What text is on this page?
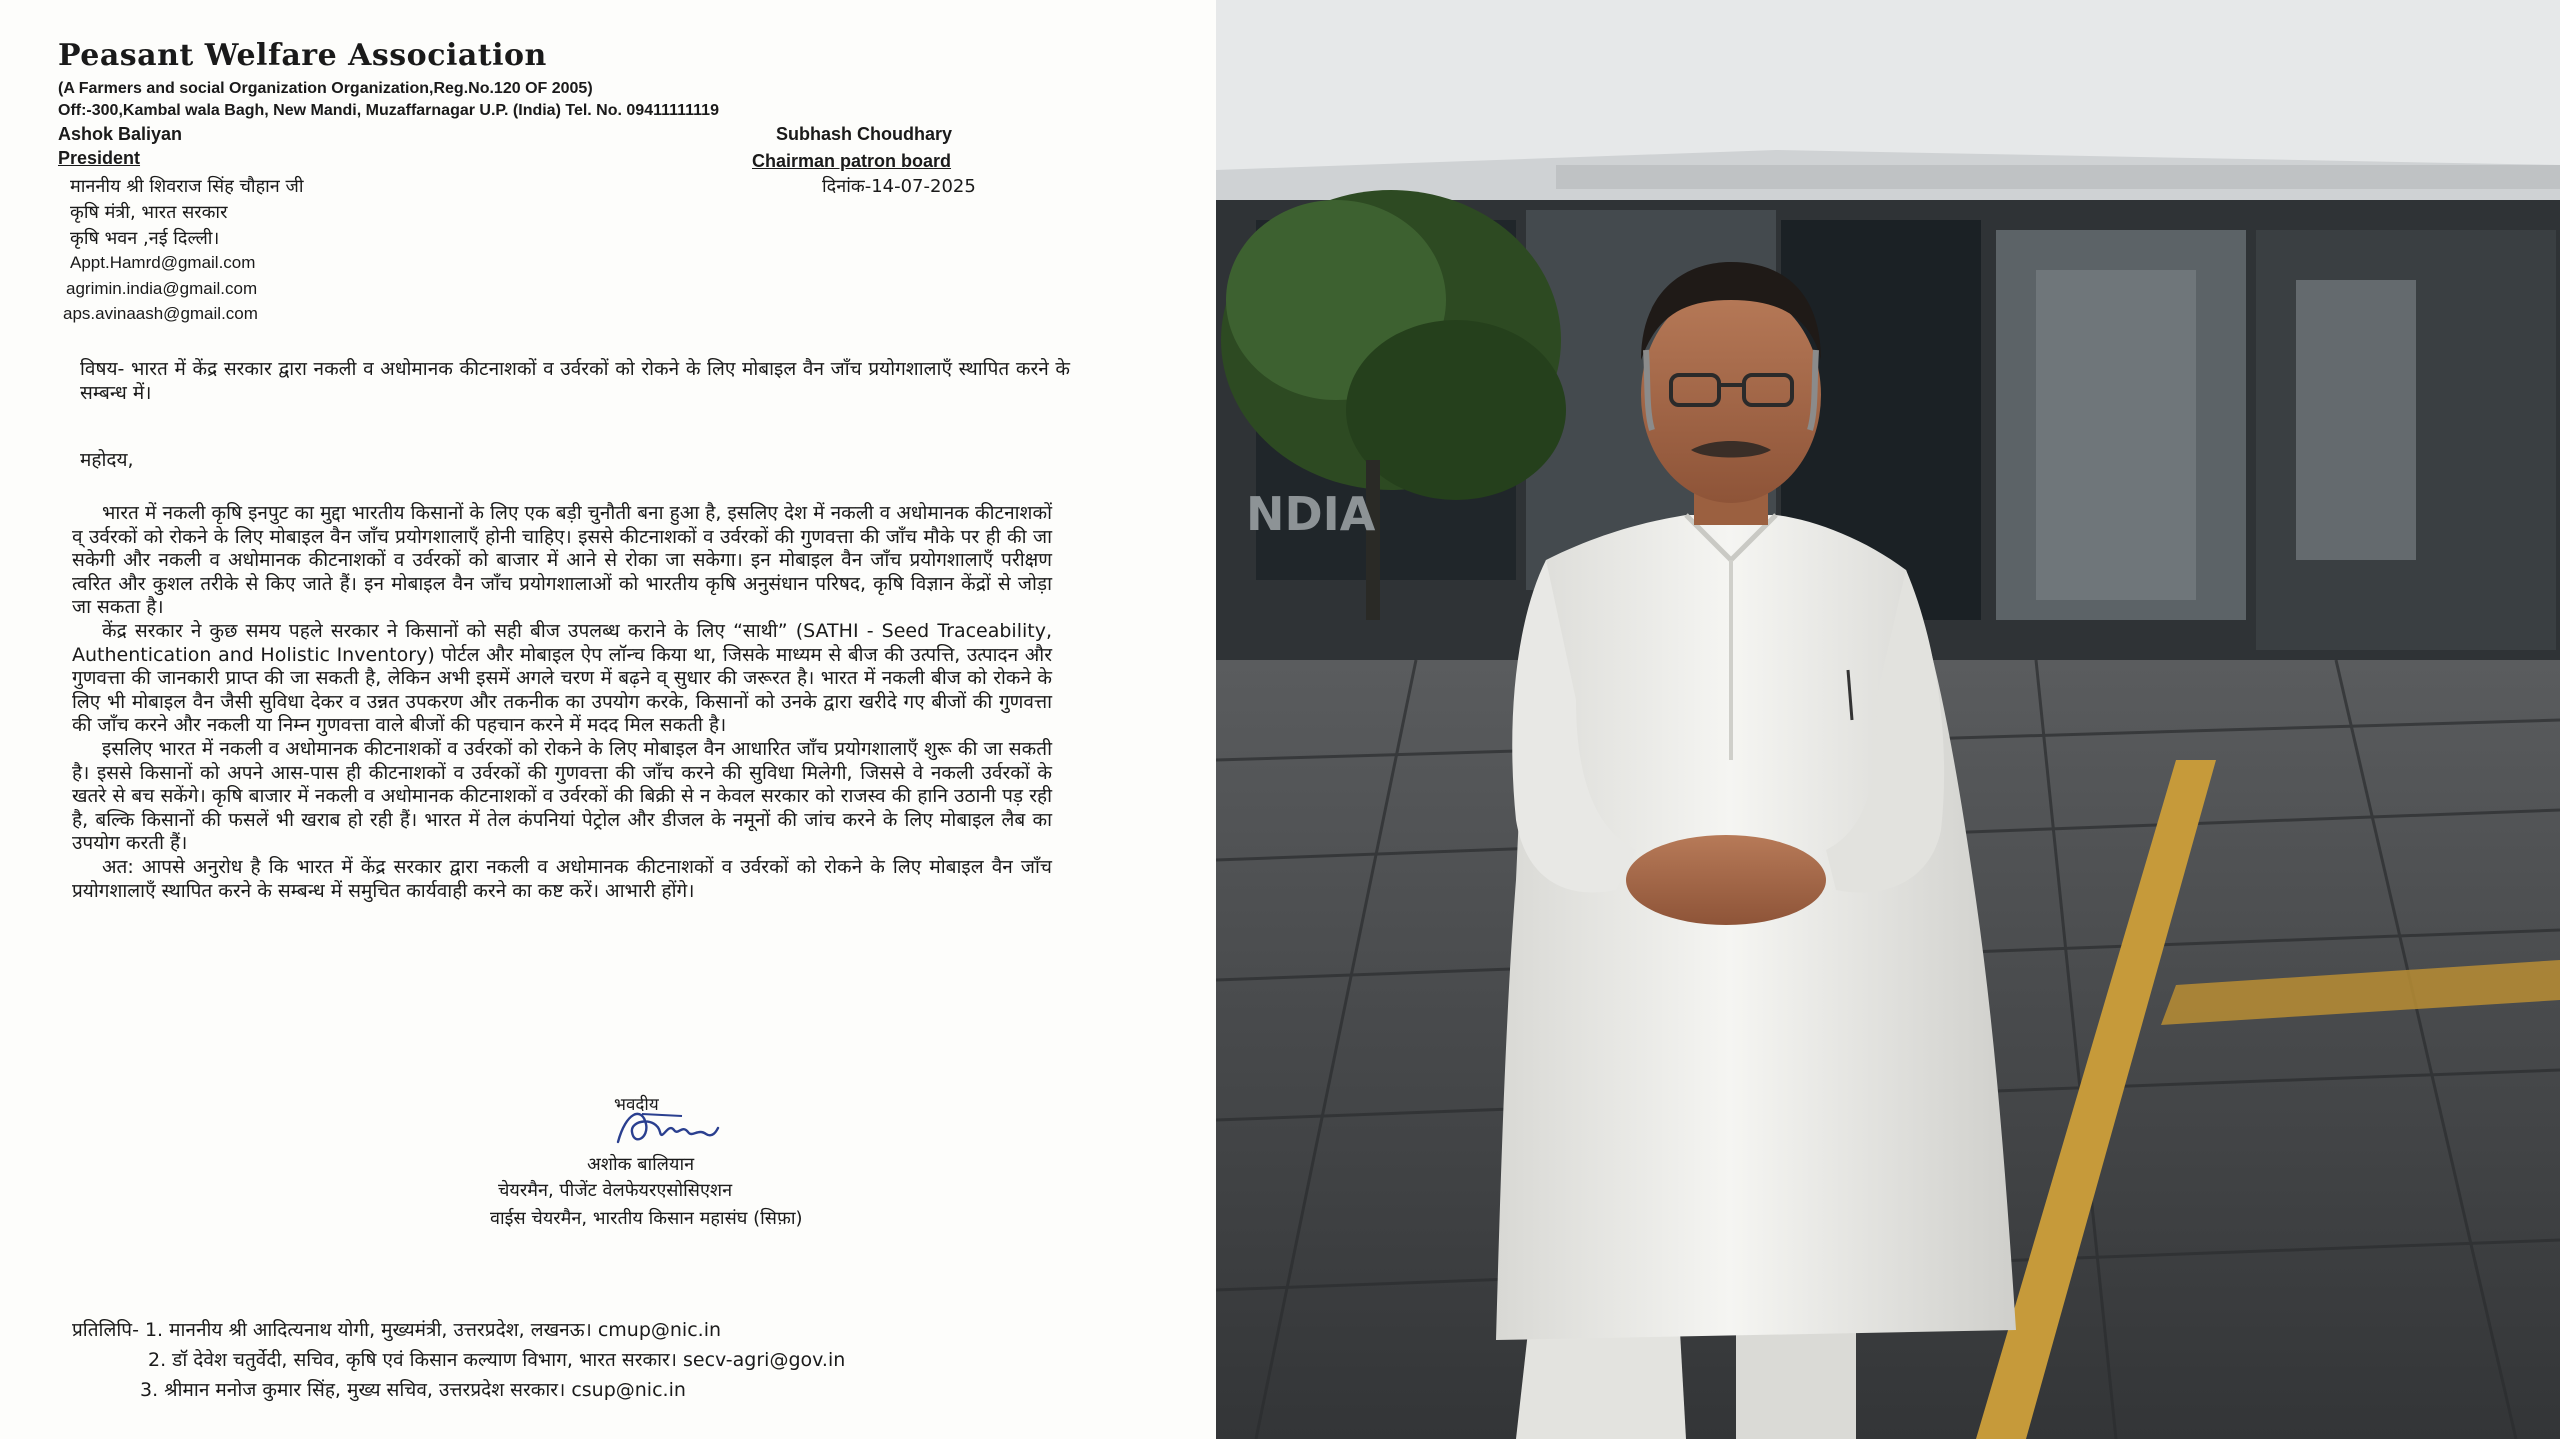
Peasant Welfare Association
(A Farmers and social Organization Organization,Reg.No.120 OF 2005)
Off:-300,Kambal wala Bagh, New Mandi, Muzaffarnagar U.P. (India) Tel. No. 09411111119
Ashok Baliyan
President
Subhash Choudhary
Chairman patron board
माननीय श्री शिवराज सिंह चौहान जी	दिनांक-14-07-2025
कृषि मंत्री, भारत सरकार
कृषि भवन ,नई दिल्ली।
Appt.Hamrd@gmail.com
agrimin.india@gmail.com
aps.avinaash@gmail.com

विषय- भारत में केंद्र सरकार द्वारा नकली व अधोमानक कीटनाशकों व उर्वरकों को रोकने के लिए मोबाइल वैन जाँच प्रयोगशालाएँ स्थापित करने के सम्बन्ध में।

महोदय,

भारत में नकली कृषि इनपुट का मुद्दा भारतीय किसानों के लिए एक बड़ी चुनौती बना हुआ है, इसलिए देश में नकली व अधोमानक कीटनाशकों व् उर्वरकों को रोकने के लिए मोबाइल वैन जाँच प्रयोगशालाएँ होनी चाहिए। इससे कीटनाशकों व उर्वरकों की गुणवत्ता की जाँच मौके पर ही की जा सकेगी और नकली व अधोमानक कीटनाशकों व उर्वरकों को बाजार में आने से रोका जा सकेगा। इन मोबाइल वैन जाँच प्रयोगशालाएँ परीक्षण त्वरित और कुशल तरीके से किए जाते हैं। इन मोबाइल वैन जाँच प्रयोगशालाओं को भारतीय कृषि अनुसंधान परिषद, कृषि विज्ञान केंद्रों से जोड़ा जा सकता है।

केंद्र सरकार ने कुछ समय पहले सरकार ने किसानों को सही बीज उपलब्ध कराने के लिए “साथी” (SATHI - Seed Traceability, Authentication and Holistic Inventory) पोर्टल और मोबाइल ऐप लॉन्च किया था, जिसके माध्यम से बीज की उत्पत्ति, उत्पादन और गुणवत्ता की जानकारी प्राप्त की जा सकती है, लेकिन अभी इसमें अगले चरण में बढ़ने व् सुधार की जरूरत है। भारत में नकली बीज को रोकने के लिए भी मोबाइल वैन जैसी सुविधा देकर व उन्नत उपकरण और तकनीक का उपयोग करके, किसानों को उनके द्वारा खरीदे गए बीजों की गुणवत्ता की जाँच करने और नकली या निम्न गुणवत्ता वाले बीजों की पहचान करने में मदद मिल सकती है।

इसलिए भारत में नकली व अधोमानक कीटनाशकों व उर्वरकों को रोकने के लिए मोबाइल वैन आधारित जाँच प्रयोगशालाएँ शुरू की जा सकती है। इससे किसानों को अपने आस-पास ही कीटनाशकों व उर्वरकों की गुणवत्ता की जाँच करने की सुविधा मिलेगी, जिससे वे नकली उर्वरकों के खतरे से बच सकेंगे। कृषि बाजार में नकली व अधोमानक कीटनाशकों व उर्वरकों की बिक्री से न केवल सरकार को राजस्व की हानि उठानी पड़ रही है, बल्कि किसानों की फसलें भी खराब हो रही हैं। भारत में तेल कंपनियां पेट्रोल और डीजल के नमूनों की जांच करने के लिए मोबाइल लैब का उपयोग करती हैं।

अत: आपसे अनुरोध है कि भारत में केंद्र सरकार द्वारा नकली व अधोमानक कीटनाशकों व उर्वरकों को रोकने के लिए मोबाइल वैन जाँच प्रयोगशालाएँ स्थापित करने के सम्बन्ध में समुचित कार्यवाही करने का कष्ट करें। आभारी होंगे।

भवदीय
अशोक बालियान
चेयरमैन, पीजेंट वेलफेयरएसोसिएशन
वाईस चेयरमैन, भारतीय किसान महासंघ (सिफ़ा)
प्रतिलिपि- 1. माननीय श्री आदित्यनाथ योगी, मुख्यमंत्री, उत्तरप्रदेश, लखनऊ। cmup@nic.in
2. डॉ देवेश चतुर्वेदी, सचिव, कृषि एवं किसान कल्याण विभाग, भारत सरकार। secv-agri@gov.in
3. श्रीमान मनोज कुमार सिंह, मुख्य सचिव, उत्तरप्रदेश सरकार। csup@nic.in
NDIA
